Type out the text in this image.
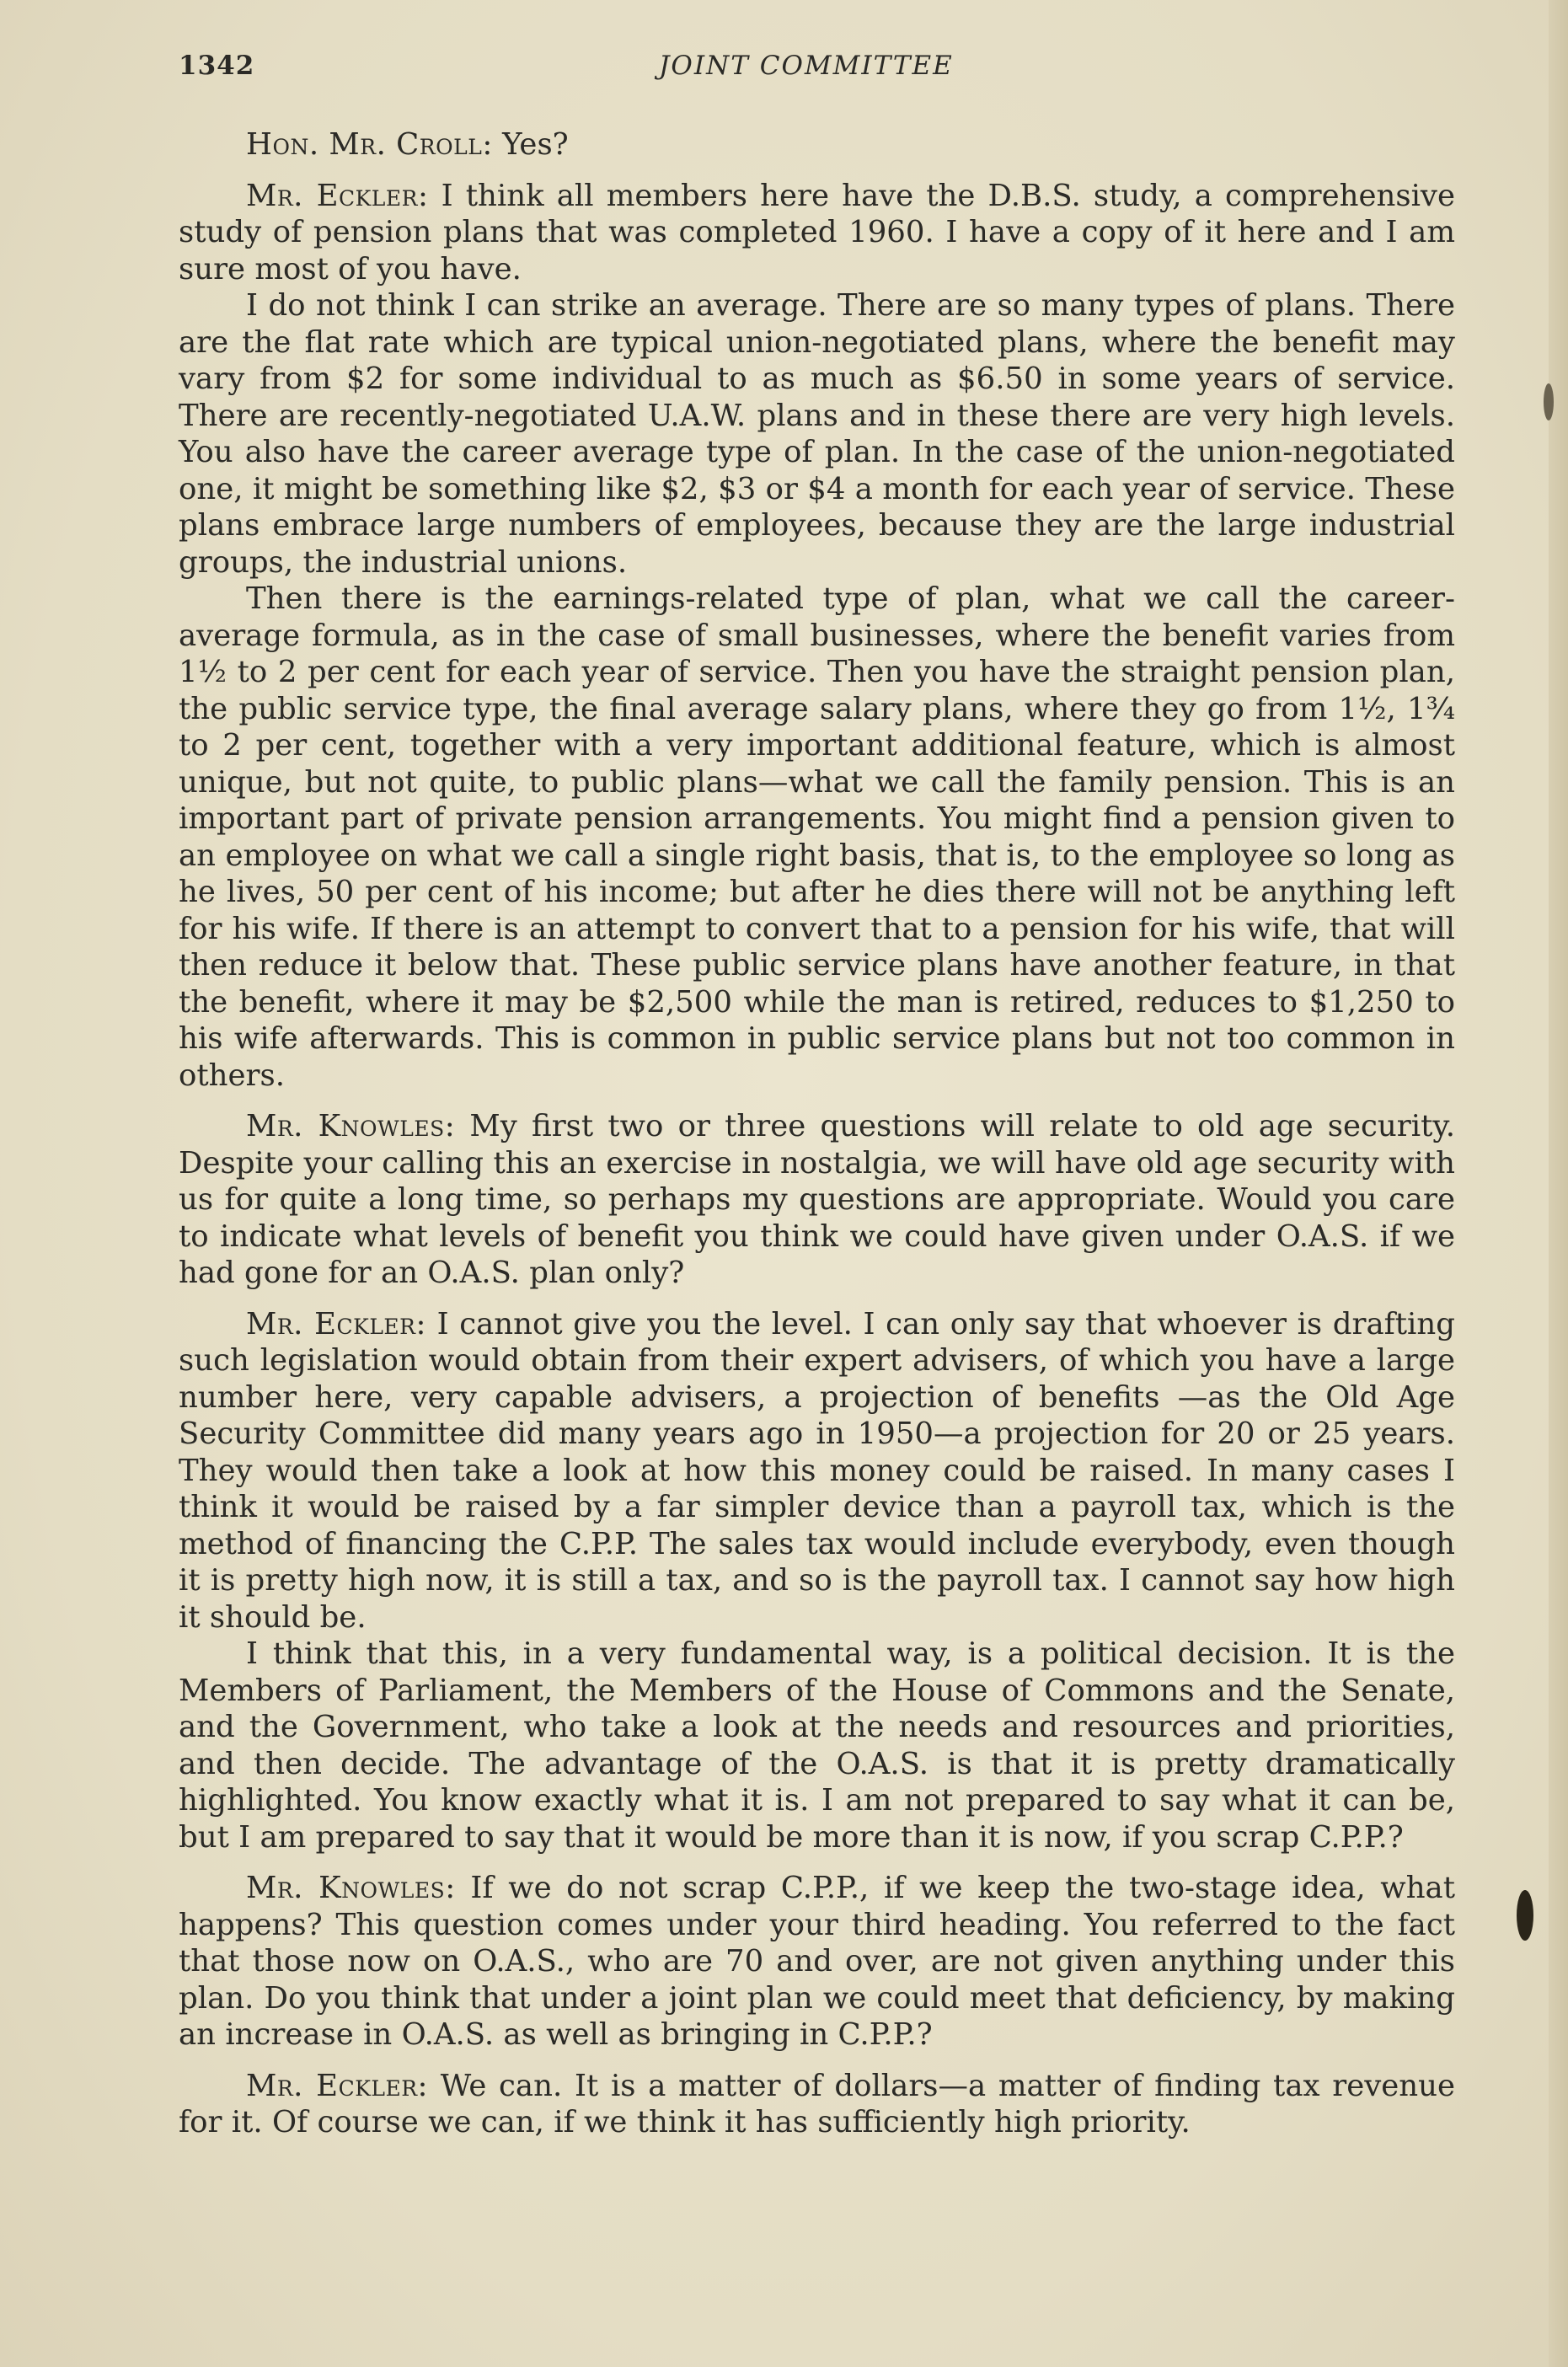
1342	JOINT COMMITTEE

Hon. Mr. Croll: Yes?

Mr. Eckler: I think all members here have the D.B.S. study, a comprehensive study of pension plans that was completed 1960. I have a copy of it here and I am sure most of you have.

I do not think I can strike an average. There are so many types of plans. There are the flat rate which are typical union-negotiated plans, where the benefit may vary from $2 for some individual to as much as $6.50 in some years of service. There are recently-negotiated U.A.W. plans and in these there are very high levels. You also have the career average type of plan. In the case of the union-negotiated one, it might be something like $2, $3 or $4 a month for each year of service. These plans embrace large numbers of employees, because they are the large industrial groups, the industrial unions.

Then there is the earnings-related type of plan, what we call the career-average formula, as in the case of small businesses, where the benefit varies from 1½ to 2 per cent for each year of service. Then you have the straight pension plan, the public service type, the final average salary plans, where they go from 1½, 1¾ to 2 per cent, together with a very important additional feature, which is almost unique, but not quite, to public plans—what we call the family pension. This is an important part of private pension arrangements. You might find a pension given to an employee on what we call a single right basis, that is, to the employee so long as he lives, 50 per cent of his income; but after he dies there will not be anything left for his wife. If there is an attempt to convert that to a pension for his wife, that will then reduce it below that. These public service plans have another feature, in that the benefit, where it may be $2,500 while the man is retired, reduces to $1,250 to his wife afterwards. This is common in public service plans but not too common in others.

Mr. Knowles: My first two or three questions will relate to old age security. Despite your calling this an exercise in nostalgia, we will have old age security with us for quite a long time, so perhaps my questions are appropriate. Would you care to indicate what levels of benefit you think we could have given under O.A.S. if we had gone for an O.A.S. plan only?

Mr. Eckler: I cannot give you the level. I can only say that whoever is drafting such legislation would obtain from their expert advisers, of which you have a large number here, very capable advisers, a projection of benefits —as the Old Age Security Committee did many years ago in 1950—a projection for 20 or 25 years. They would then take a look at how this money could be raised. In many cases I think it would be raised by a far simpler device than a payroll tax, which is the method of financing the C.P.P. The sales tax would include everybody, even though it is pretty high now, it is still a tax, and so is the payroll tax. I cannot say how high it should be.

I think that this, in a very fundamental way, is a political decision. It is the Members of Parliament, the Members of the House of Commons and the Senate, and the Government, who take a look at the needs and resources and priorities, and then decide. The advantage of the O.A.S. is that it is pretty dramatically highlighted. You know exactly what it is. I am not prepared to say what it can be, but I am prepared to say that it would be more than it is now, if you scrap C.P.P.?

Mr. Knowles: If we do not scrap C.P.P., if we keep the two-stage idea, what happens? This question comes under your third heading. You referred to the fact that those now on O.A.S., who are 70 and over, are not given anything under this plan. Do you think that under a joint plan we could meet that deficiency, by making an increase in O.A.S. as well as bringing in C.P.P.?

Mr. Eckler: We can. It is a matter of dollars—a matter of finding tax revenue for it. Of course we can, if we think it has sufficiently high priority.
